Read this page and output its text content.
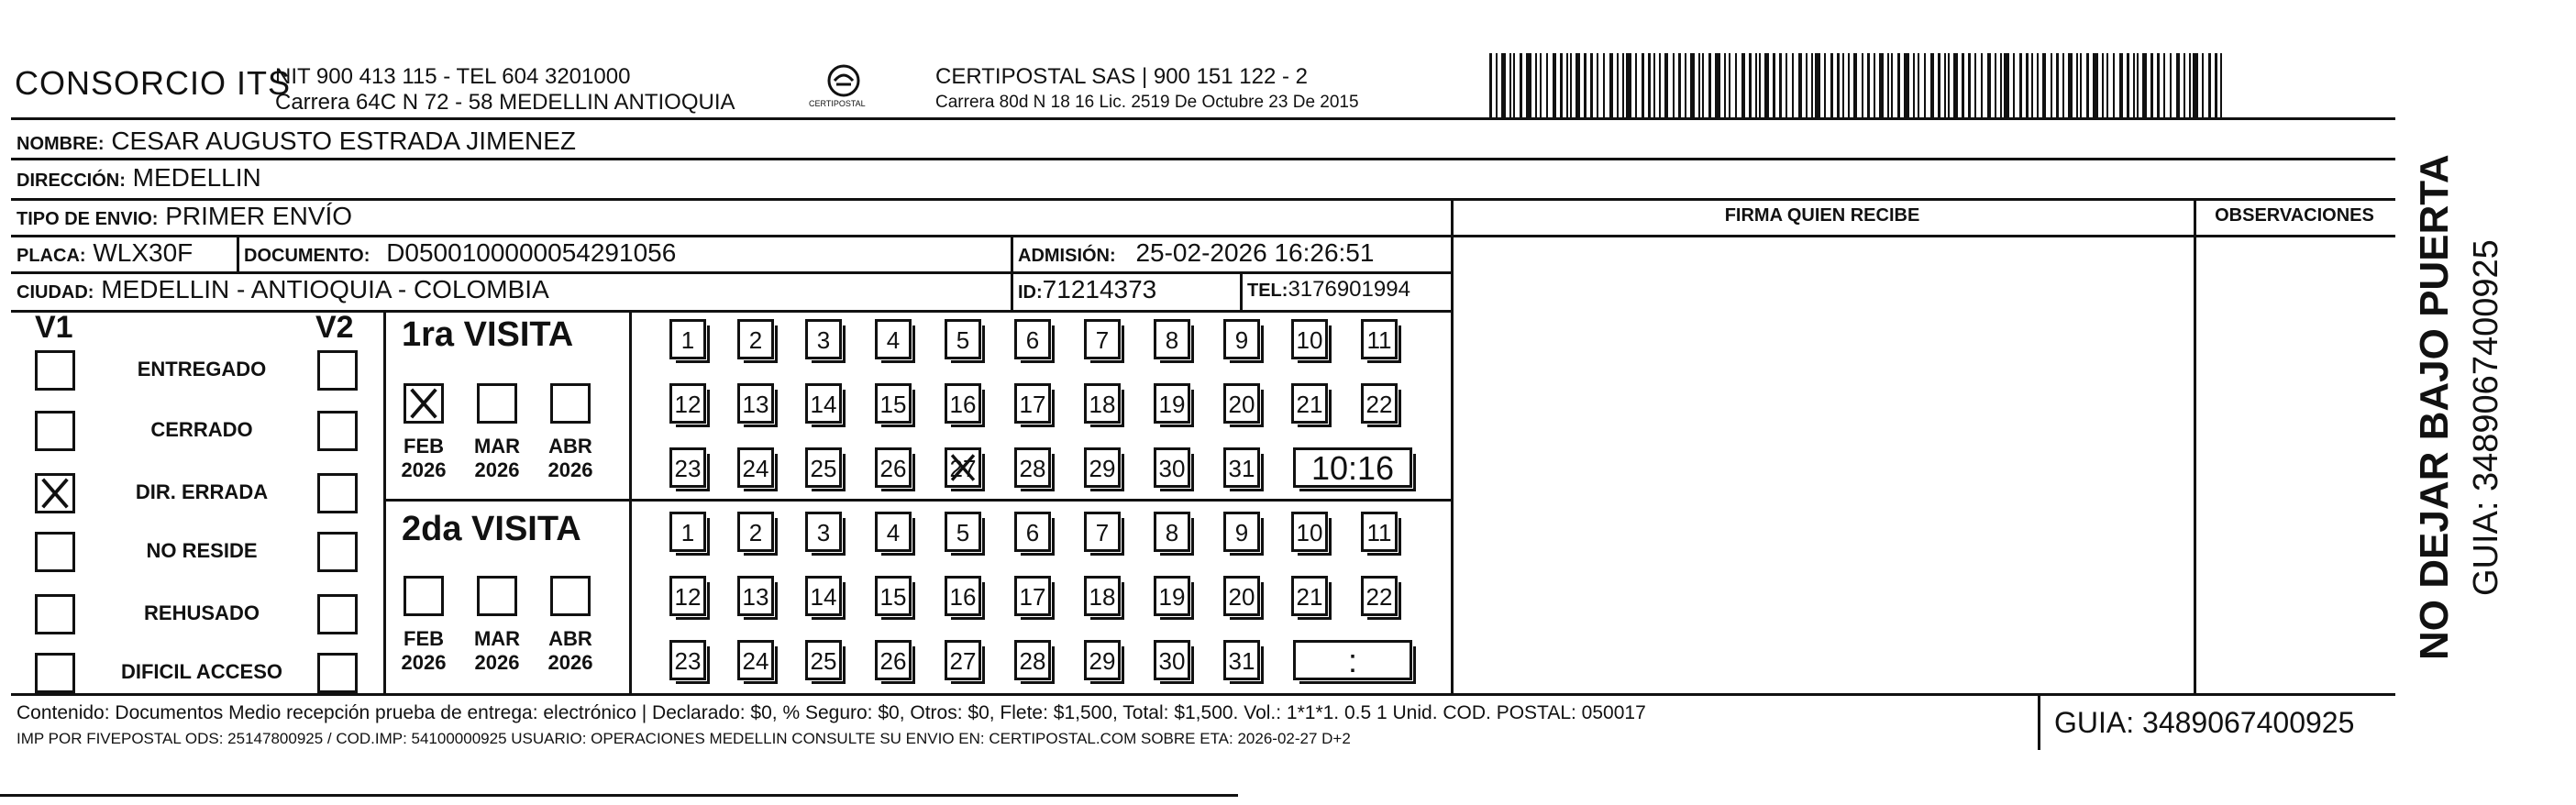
CONSORCIO ITS
NIT 900 413 115 - TEL 604 3201000
Carrera 64C N 72 - 58 MEDELLIN ANTIOQUIA	CERTIPOSTAL
CERTIPOSTAL SAS | 900 151 122 - 2
Carrera 80d N 18 16 Lic. 2519 De Octubre 23 De 2015
NOMBRE: CESAR AUGUSTO ESTRADA JIMENEZ
DIRECCIÓN: MEDELLIN
TIPO DE ENVIO: PRIMER ENVÍO	FIRMA QUIEN RECIBE	OBSERVACIONES
PLACA: WLX30F	DOCUMENTO: D0500100000054291056	ADMISIÓN: 25-02-2026 16:26:51
CIUDAD: MEDELLIN - ANTIOQUIA - COLOMBIA	ID:71214373	TEL:3176901994
V1	V2
ENTREGADO
CERRADO
DIR. ERRADA
NO RESIDE
REHUSADO
DIFICIL ACCESO
1ra VISITA
2da VISITA
FEB
2026
MAR
2026
ABR
2026
FEB
2026
MAR
2026
ABR
2026
1	2	3	4	5	6	7	8	9	10 11
12 13 14 15 16 17 18 19 20 21 22
23 24 25 26 27 28 29 30 31	10:16
1	2	3	4	5	6	7	8	9	10 11
12 13 14 15 16 17 18 19 20 21 22
23 24 25 26 27 28 29 30 31	:
Contenido: Documentos Medio recepción prueba de entrega: electrónico | Declarado: $0, % Seguro: $0, Otros: $0, Flete: $1,500, Total: $1,500. Vol.: 1*1*1. 0.5 1 Unid. COD. POSTAL: 050017
IMP POR FIVEPOSTAL ODS: 25147800925 / COD.IMP: 54100000925 USUARIO: OPERACIONES MEDELLIN CONSULTE SU ENVIO EN: CERTIPOSTAL.COM SOBRE ETA: 2026-02-27 D+2	GUIA: 3489067400925
NO DEJAR BAJO PUERTA GUIA: 3489067400925
